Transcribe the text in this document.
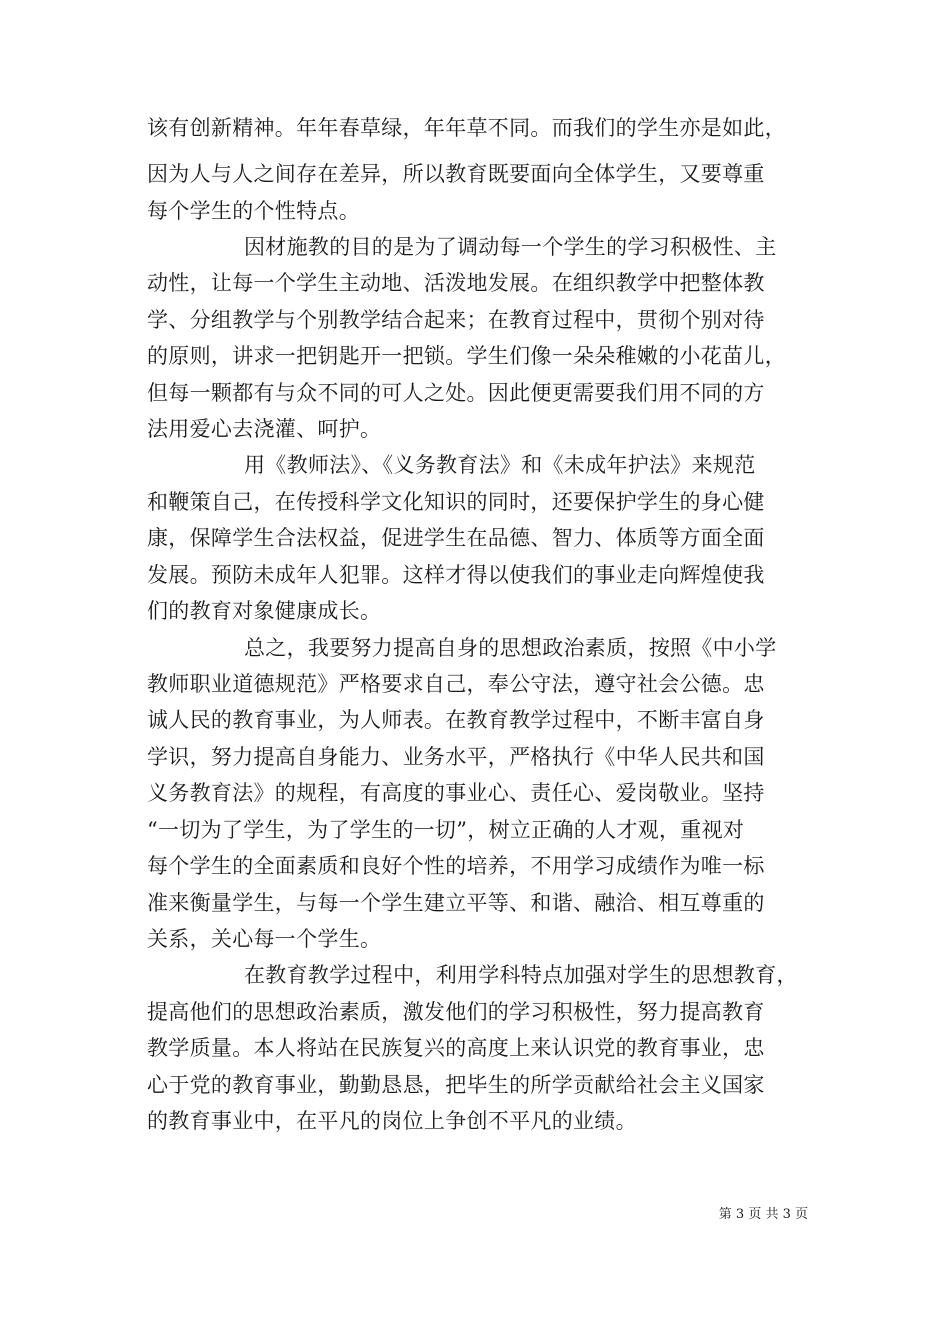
该有创新精神。年年春草绿，年年草不同。而我们的学生亦是如此，
因为人与人之间存在差异，所以教育既要面向全体学生，又要尊重
每个学生的个性特点。
因材施教的目的是为了调动每一个学生的学习积极性、主
动性，让每一个学生主动地、活泼地发展。在组织教学中把整体教
学、分组教学与个别教学结合起来；在教育过程中，贯彻个别对待
的原则，讲求一把钥匙开一把锁。学生们像一朵朵稚嫩的小花苗儿，
但每一颗都有与众不同的可人之处。因此便更需要我们用不同的方
法用爱心去浇灌、呵护。
用《教师法》、《义务教育法》和《未成年护法》来规范
和鞭策自己，在传授科学文化知识的同时，还要保护学生的身心健
康，保障学生合法权益，促进学生在品德、智力、体质等方面全面
发展。预防未成年人犯罪。这样才得以使我们的事业走向辉煌使我
们的教育对象健康成长。
总之，我要努力提高自身的思想政治素质，按照《中小学
教师职业道德规范》严格要求自己，奉公守法，遵守社会公德。忠
诚人民的教育事业，为人师表。在教育教学过程中，不断丰富自身
学识，努力提高自身能力、业务水平，严格执行《中华人民共和国
义务教育法》的规程，有高度的事业心、责任心、爱岗敬业。坚持
“一切为了学生，为了学生的一切”，树立正确的人才观，重视对
每个学生的全面素质和良好个性的培养，不用学习成绩作为唯一标
准来衡量学生，与每一个学生建立平等、和谐、融洽、相互尊重的
关系，关心每一个学生。
在教育教学过程中，利用学科特点加强对学生的思想教育，
提高他们的思想政治素质，激发他们的学习积极性，努力提高教育
教学质量。本人将站在民族复兴的高度上来认识党的教育事业，忠
心于党的教育事业，勤勤恳恳，把毕生的所学贡献给社会主义国家
的教育事业中，在平凡的岗位上争创不平凡的业绩。
第 3 页 共 3 页
